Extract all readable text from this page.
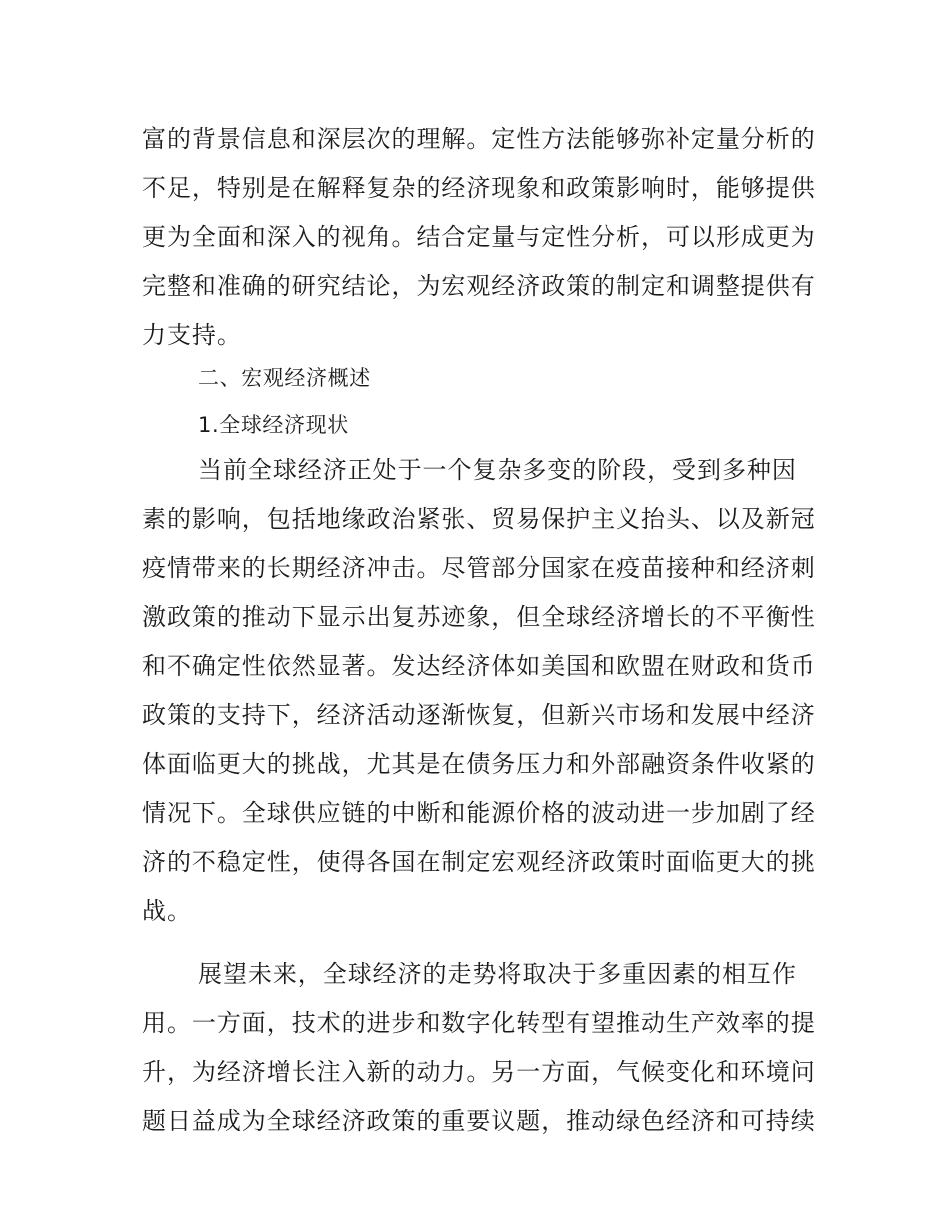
富的背景信息和深层次的理解。定性方法能够弥补定量分析的
不足，特别是在解释复杂的经济现象和政策影响时，能够提供
更为全面和深入的视角。结合定量与定性分析，可以形成更为
完整和准确的研究结论，为宏观经济政策的制定和调整提供有
力支持。
二、宏观经济概述
1.全球经济现状
当前全球经济正处于一个复杂多变的阶段，受到多种因
素的影响，包括地缘政治紧张、贸易保护主义抬头、以及新冠
疫情带来的长期经济冲击。尽管部分国家在疫苗接种和经济刺
激政策的推动下显示出复苏迹象，但全球经济增长的不平衡性
和不确定性依然显著。发达经济体如美国和欧盟在财政和货币
政策的支持下，经济活动逐渐恢复，但新兴市场和发展中经济
体面临更大的挑战，尤其是在债务压力和外部融资条件收紧的
情况下。全球供应链的中断和能源价格的波动进一步加剧了经
济的不稳定性，使得各国在制定宏观经济政策时面临更大的挑
战。
展望未来，全球经济的走势将取决于多重因素的相互作
用。一方面，技术的进步和数字化转型有望推动生产效率的提
升，为经济增长注入新的动力。另一方面，气候变化和环境问
题日益成为全球经济政策的重要议题，推动绿色经济和可持续
